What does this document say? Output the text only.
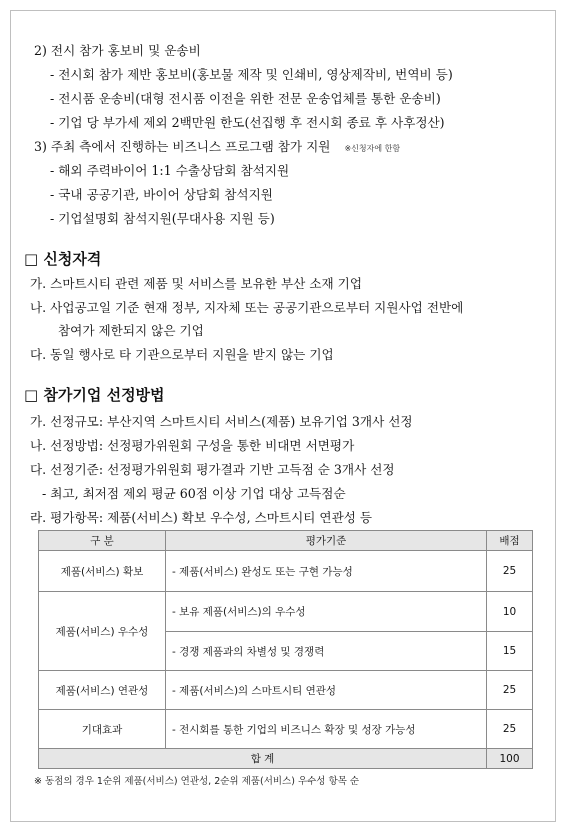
2) 전시 참가 홍보비 및 운송비
- 전시회 참가 제반 홍보비(홍보물 제작 및 인쇄비, 영상제작비, 번역비 등)
- 전시품 운송비(대형 전시품 이전을 위한 전문 운송업체를 통한 운송비)
- 기업 당 부가세 제외 2백만원 한도(선집행 후 전시회 종료 후 사후정산)
3) 주최 측에서 진행하는 비즈니스 프로그램 참가 지원 ※신청자에 한함
- 해외 주력바이어 1:1 수출상담회 참석지원
- 국내 공공기관, 바이어 상담회 참석지원
- 기업설명회 참석지원(무대사용 지원 등)
□ 신청자격
가. 스마트시티 관련 제품 및 서비스를 보유한 부산 소재 기업
나. 사업공고일 기준 현재 정부, 지자체 또는 공공기관으로부터 지원사업 전반에
참여가 제한되지 않은 기업
다. 동일 행사로 타 기관으로부터 지원을 받지 않는 기업
□ 참가기업 선정방법
가. 선정규모: 부산지역 스마트시티 서비스(제품) 보유기업 3개사 선정
나. 선정방법: 선정평가위원회 구성을 통한 비대면 서면평가
다. 선정기준: 선정평가위원회 평가결과 기반 고득점 순 3개사 선정
- 최고, 최저점 제외 평균 60점 이상 기업 대상 고득점순
라. 평가항목: 제품(서비스) 확보 우수성, 스마트시티 연관성 등
구 분	평가기준	배점
제품(서비스) 확보	- 제품(서비스) 완성도 또는 구현 가능성	25
제품(서비스) 우수성	- 보유 제품(서비스)의 우수성	10
	- 경쟁 제품과의 차별성 및 경쟁력	15
제품(서비스) 연관성	- 제품(서비스)의 스마트시티 연관성	25
기대효과	- 전시회를 통한 기업의 비즈니스 확장 및 성장 가능성	25
합 계		100
※ 동점의 경우 1순위 제품(서비스) 연관성, 2순위 제품(서비스) 우수성 항목 순
